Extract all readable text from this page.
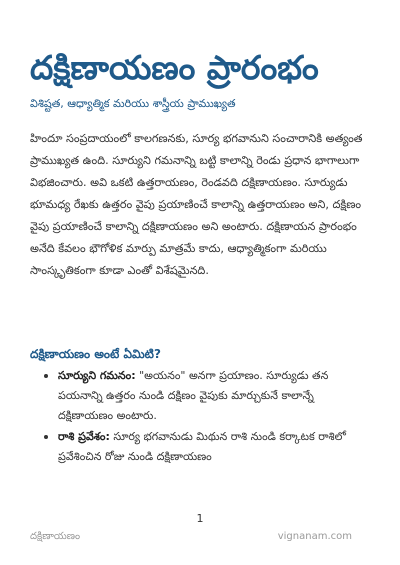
దక్షిణాయణం ప్రారంభం

విశిష్టత, ఆధ్యాత్మిక మరియు శాస్త్రీయ ప్రాముఖ్యత

హిందూ సంప్రదాయంలో కాలగణనకు, సూర్య భగవానుని సంచారానికి అత్యంత ప్రాముఖ్యత ఉంది. సూర్యుని గమనాన్ని బట్టి కాలాన్ని రెండు ప్రధాన భాగాలుగా విభజించారు. అవి ఒకటి ఉత్తరాయణం, రెండవది దక్షిణాయణం. సూర్యుడు భూమధ్య రేఖకు ఉత్తరం వైపు ప్రయాణించే కాలాన్ని ఉత్తరాయణం అని, దక్షిణం వైపు ప్రయాణించే కాలాన్ని దక్షిణాయణం అని అంటారు. దక్షిణాయన ప్రారంభం అనేది కేవలం భౌగోళిక మార్పు మాత్రమే కాదు, ఆధ్యాత్మికంగా మరియు సాంస్కృతికంగా కూడా ఎంతో విశేషమైనది.

దక్షిణాయణం అంటే ఏమిటి?
సూర్యుని గమనం: "అయనం" అనగా ప్రయాణం. సూర్యుడు తన పయనాన్ని ఉత్తరం నుండి దక్షిణం వైపుకు మార్చుకునే కాలాన్నే దక్షిణాయణం అంటారు.
రాశి ప్రవేశం: సూర్య భగవానుడు మిథున రాశి నుండి కర్కాటక రాశిలో ప్రవేశించిన రోజు నుండి దక్షిణాయణం
1
దక్షిణాయణం	vignanam.com
